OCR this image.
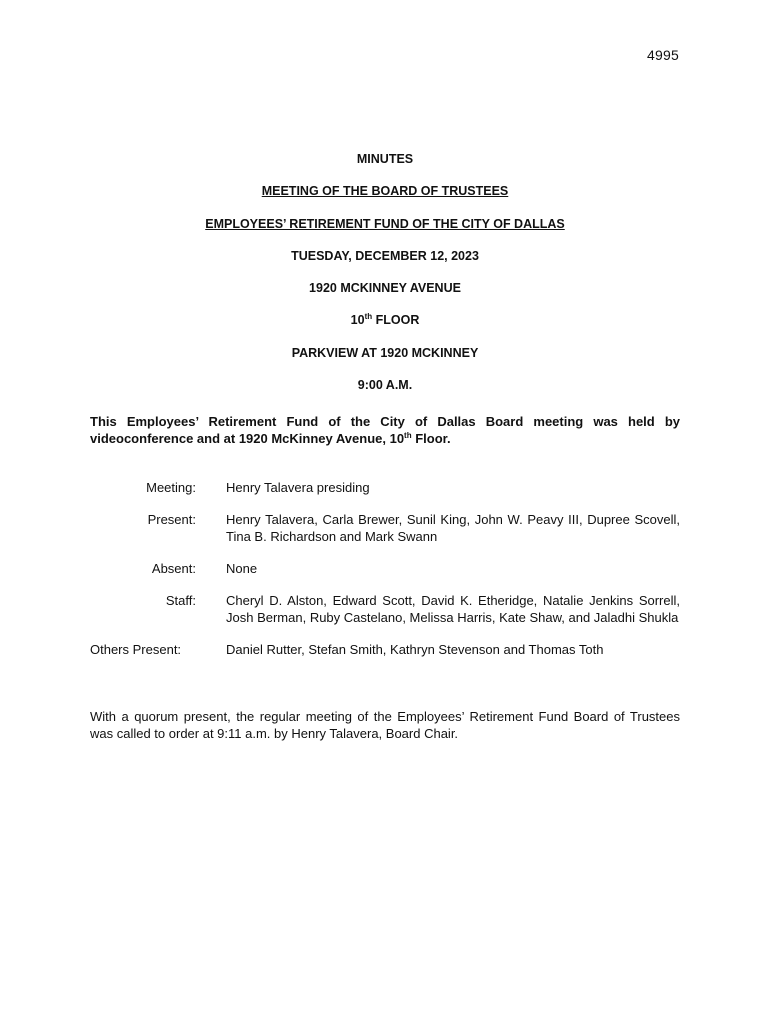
4995
MINUTES
MEETING OF THE BOARD OF TRUSTEES
EMPLOYEES’ RETIREMENT FUND OF THE CITY OF DALLAS
TUESDAY, DECEMBER 12, 2023
1920 MCKINNEY AVENUE
10th FLOOR
PARKVIEW AT 1920 MCKINNEY
9:00 A.M.
This Employees’ Retirement Fund of the City of Dallas Board meeting was held by videoconference and at 1920 McKinney Avenue, 10th Floor.
Meeting:	Henry Talavera presiding
Present:	Henry Talavera, Carla Brewer, Sunil King, John W. Peavy III, Dupree Scovell, Tina B. Richardson and Mark Swann
Absent:	None
Staff:	Cheryl D. Alston, Edward Scott, David K. Etheridge, Natalie Jenkins Sorrell, Josh Berman, Ruby Castelano, Melissa Harris, Kate Shaw, and Jaladhi Shukla
Others Present:	Daniel Rutter, Stefan Smith, Kathryn Stevenson and Thomas Toth
With a quorum present, the regular meeting of the Employees’ Retirement Fund Board of Trustees was called to order at 9:11 a.m. by Henry Talavera, Board Chair.
